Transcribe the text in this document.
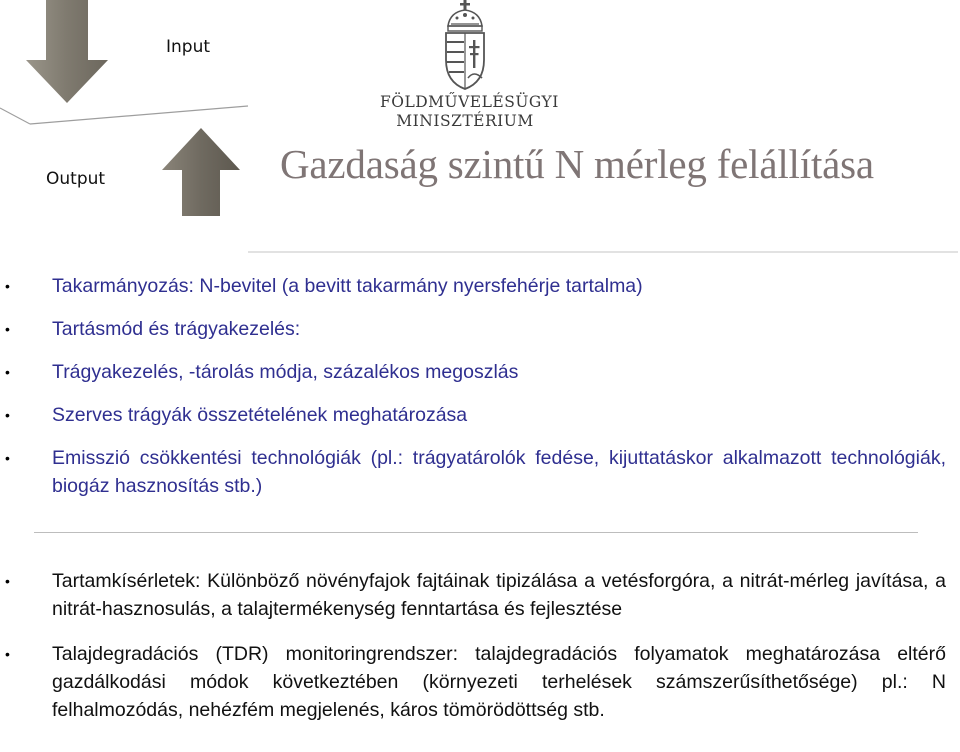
Input
Output
FÖLDMŰVELÉSÜGYI
MINISZTÉRIUM
Gazdaság szintű N mérleg felállítása
• Takarmányozás: N-bevitel (a bevitt takarmány nyersfehérje tartalma)
• Tartásmód és trágyakezelés:
• Trágyakezelés, -tárolás módja, százalékos megoszlás
• Szerves trágyák összetételének meghatározása
• Emisszió csökkentési technológiák (pl.: trágyatárolók fedése, kijuttatáskor alkalmazott technológiák, biogáz hasznosítás stb.)
• Tartamkísérletek: Különböző növényfajok fajtáinak tipizálása a vetésforgóra, a nitrát-mérleg javítása, a nitrát-hasznosulás, a talajtermékenység fenntartása és fejlesztése
• Talajdegradációs (TDR) monitoringrendszer: talajdegradációs folyamatok meghatározása eltérő gazdálkodási módok következtében (környezeti terhelések számszerűsíthetősége) pl.: N felhalmozódás, nehézfém megjelenés, káros tömörödöttség stb.
